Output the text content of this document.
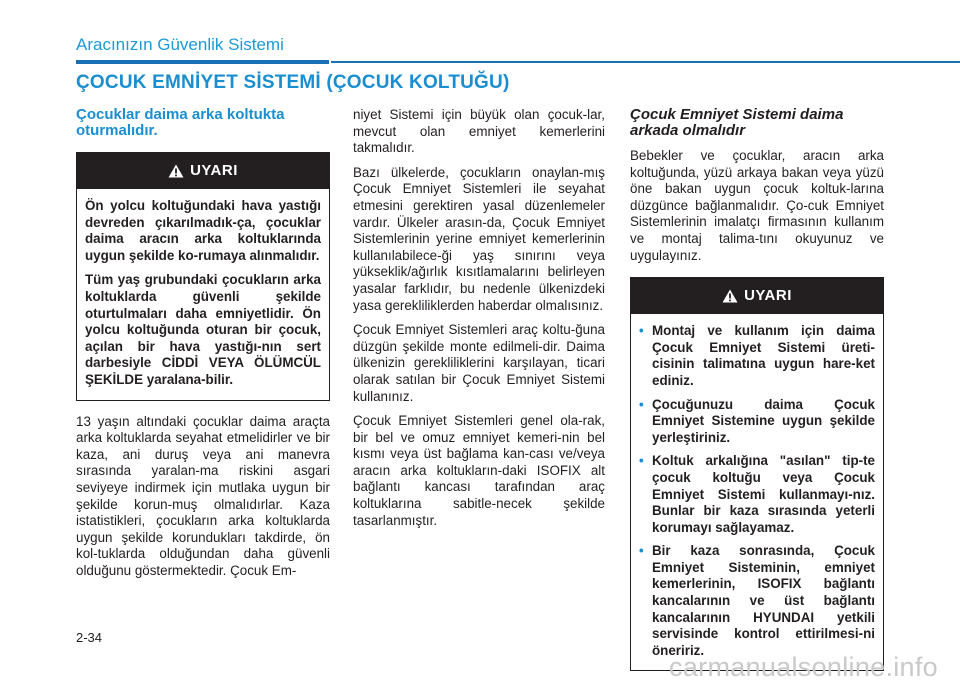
Aracınızın Güvenlik Sistemi
ÇOCUK EMNİYET SİSTEMİ (ÇOCUK KOLTUĞU)
Çocuklar daima arka koltukta oturmalıdır.
UYARI

Ön yolcu koltuğundaki hava yastığı devreden çıkarılmadık-ça, çocuklar daima aracın arka koltuklarında uygun şekilde ko-rumaya alınmalıdır.

Tüm yaş grubundaki çocukların arka koltuklarda güvenli şekilde oturtulmaları daha emniyetlidir. Ön yolcu koltuğunda oturan bir çocuk, açılan bir hava yastığı-nın sert darbesiyle CİDDİ VEYA ÖLÜMCÜL ŞEKİLDE yaralana-bilir.

13 yaşın altındaki çocuklar daima araçta arka koltuklarda seyahat etmelidirler ve bir kaza, ani duruş veya ani manevra sırasında yaralan-ma riskini asgari seviyeye indirmek için mutlaka uygun bir şekilde korun-muş olmalıdırlar. Kaza istatistikleri, çocukların arka koltuklarda uygun şekilde korundukları takdirde, ön kol-tuklarda olduğundan daha güvenli olduğunu göstermektedir. Çocuk Em-

niyet Sistemi için büyük olan çocuk-lar, mevcut olan emniyet kemerlerini takmalıdır.

Bazı ülkelerde, çocukların onaylan-mış Çocuk Emniyet Sistemleri ile seyahat etmesini gerektiren yasal düzenlemeler vardır. Ülkeler arasın-da, Çocuk Emniyet Sistemlerinin yerine emniyet kemerlerinin kullanılabilece-ği yaş sınırını veya yükseklik/ağırlık kısıtlamalarını belirleyen yasalar farklıdır, bu nedenle ülkenizdeki yasa gerekliliklerden haberdar olmalısınız.

Çocuk Emniyet Sistemleri araç koltu-ğuna düzgün şekilde monte edilmeli-dir. Daima ülkenizin gerekliliklerini karşılayan, ticari olarak satılan bir Çocuk Emniyet Sistemi kullanınız.

Çocuk Emniyet Sistemleri genel ola-rak, bir bel ve omuz emniyet kemeri-nin bel kısmı veya üst bağlama kan-cası ve/veya aracın arka koltukların-daki ISOFIX alt bağlantı kancası tarafından araç koltuklarına sabitle-necek şekilde tasarlanmıştır.

Çocuk Emniyet Sistemi daima arkada olmalıdır

Bebekler ve çocuklar, aracın arka koltuğunda, yüzü arkaya bakan veya yüzü öne bakan uygun çocuk koltuk-larına düzgünce bağlanmalıdır. Ço-cuk Emniyet Sistemlerinin imalatçı firmasının kullanım ve montaj talima-tını okuyunuz ve uygulayınız.

UYARI
• Montaj ve kullanım için daima Çocuk Emniyet Sistemi üreti-cisinin talimatına uygun hare-ket ediniz.
• Çocuğunuzu daima Çocuk Emniyet Sistemine uygun şekilde yerleştiriniz.
• Koltuk arkalığına "asılan" tip-te çocuk koltuğu veya Çocuk Emniyet Sistemi kullanmayı-nız. Bunlar bir kaza sırasında yeterli korumayı sağlayamaz.
• Bir kaza sonrasında, Çocuk Emniyet Sisteminin, emniyet kemerlerinin, ISOFIX bağlantı kancalarının ve üst bağlantı kancalarının HYUNDAI yetkili servisinde kontrol ettirilmesi-ni öneririz.
2-34
carmanualsonline.info
